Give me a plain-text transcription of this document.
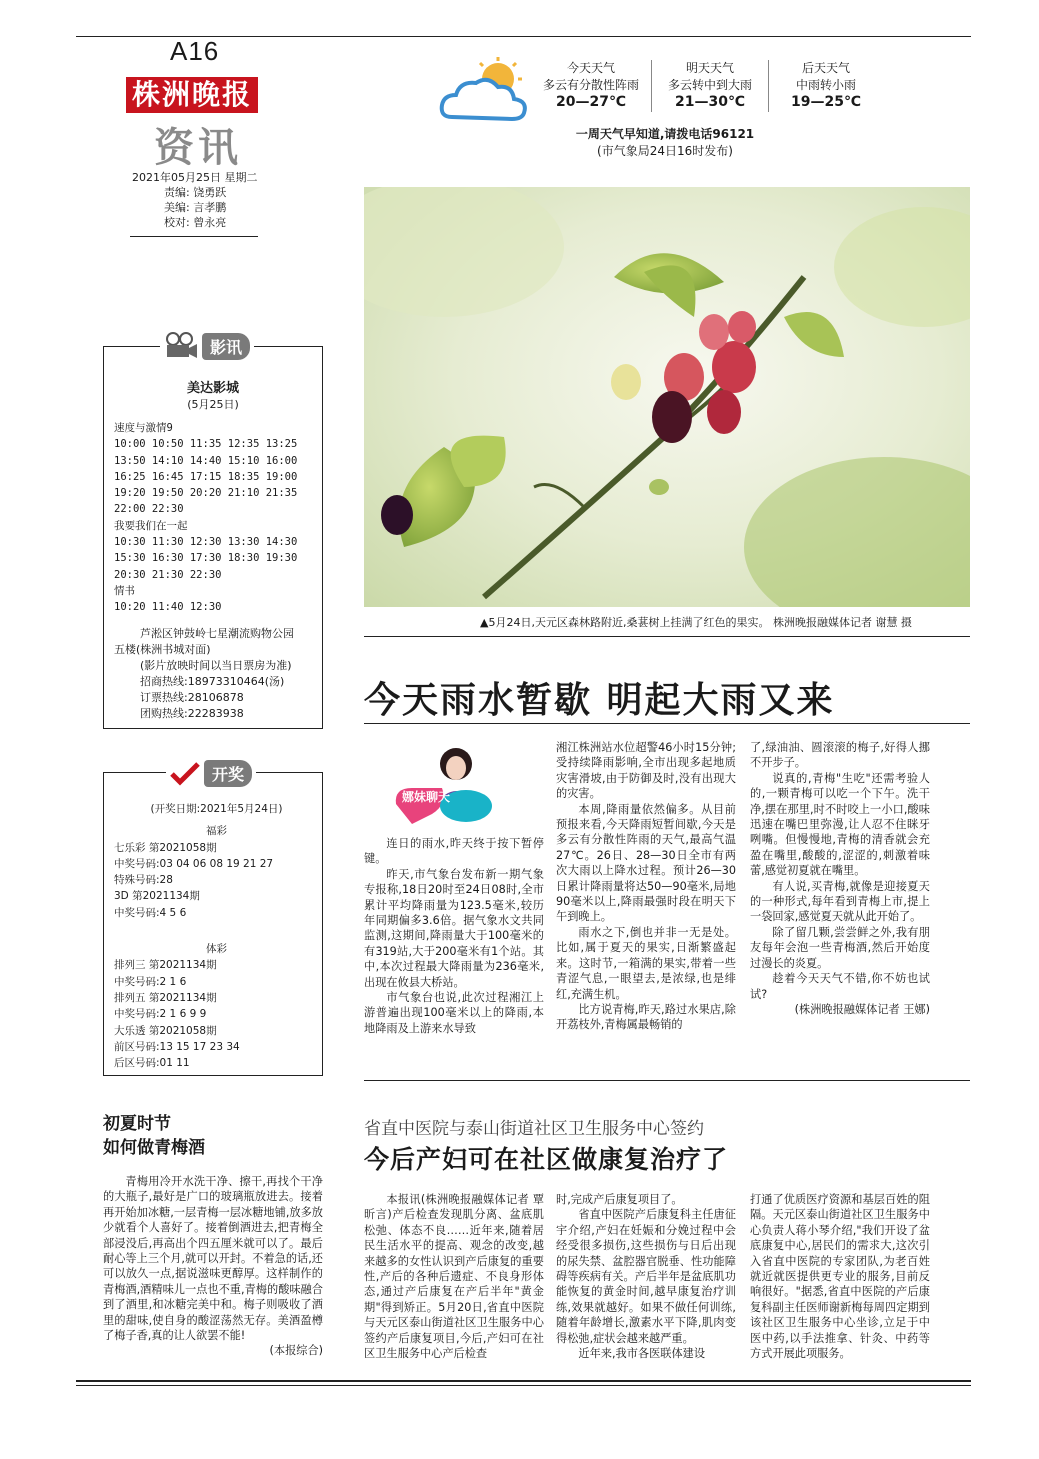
A16
株洲晚报
资讯
2021年05月25日 星期二
责编: 饶勇跃
美编: 言孝鹏
校对: 曾永亮
今天天气
多云有分散性阵雨
20—27℃
明天天气
多云转中到大雨
21—30℃
后天天气
中雨转小雨
19—25℃
一周天气早知道,请拨电话96121
(市气象局24日16时发布)
▲5月24日,天元区森林路附近,桑葚树上挂满了红色的果实。 株洲晚报融媒体记者 谢慧 摄
美达影城
(5月25日)
速度与激情9
10:00 10:50 11:35 12:35 13:25
13:50 14:10 14:40 15:10 16:00
16:25 16:45 17:15 18:35 19:00
19:20 19:50 20:20 21:10 21:35
22:00 22:30
我要我们在一起
10:30 11:30 12:30 13:30 14:30
15:30 16:30 17:30 18:30 19:30
20:30 21:30 22:30
情书
10:20 11:40 12:30
芦淞区钟鼓岭七星潮流购物公园
五楼(株洲书城对面)
(影片放映时间以当日票房为准)
招商热线:18973310464(汤)
订票热线:28106878
团购热线:22283938
影讯
(开奖日期:2021年5月24日)
福彩
七乐彩 第2021058期
中奖号码:03 04 06 08 19 21 27
特殊号码:28
3D 第2021134期
中奖号码:4 5 6
体彩
排列三 第2021134期
中奖号码:2 1 6
排列五 第2021134期
中奖号码:2 1 6 9 9
大乐透 第2021058期
前区号码:13 15 17 23 34
后区号码:01 11
开奖
今天雨水暂歇 明起大雨又来
娜妹聊天

连日的雨水,昨天终于按下暂停键。

昨天,市气象台发布新一期气象专报称,18日20时至24日08时,全市累计平均降雨量为123.5毫米,较历年同期偏多3.6倍。据气象水文共同监测,这期间,降雨量大于100毫米的有319站,大于200毫米有1个站。其中,本次过程最大降雨量为236毫米,出现在攸县大桥站。

市气象台也说,此次过程湘江上游普遍出现100毫米以上的降雨,本地降雨及上游来水导致

湘江株洲站水位超警46小时15分钟;受持续降雨影响,全市出现多起地质灾害滑坡,由于防御及时,没有出现大的灾害。

本周,降雨量依然偏多。从目前预报来看,今天降雨短暂间歇,今天是多云有分散性阵雨的天气,最高气温27℃。26日、28—30日全市有两次大雨以上降水过程。预计26—30日累计降雨量将达50—90毫米,局地90毫米以上,降雨最强时段在明天下午到晚上。

雨水之下,倒也并非一无是处。比如,属于夏天的果实,日渐繁盛起来。这时节,一箱满的果实,带着一些青涩气息,一眼望去,是浓绿,也是绯红,充满生机。

比方说青梅,昨天,路过水果店,除开荔枝外,青梅属最畅销的

了,绿油油、圆滚滚的梅子,好得人挪不开步子。

说真的,青梅"生吃"还需考验人的,一颗青梅可以吃一个下午。洗干净,摆在那里,时不时咬上一小口,酸味迅速在嘴巴里弥漫,让人忍不住眯牙咧嘴。但慢慢地,青梅的清香就会充盈在嘴里,酸酸的,涩涩的,刺激着味蕾,感觉初夏就在嘴里。

有人说,买青梅,就像是迎接夏天的一种形式,每年看到青梅上市,提上一袋回家,感觉夏天就从此开始了。

除了留几颗,尝尝鲜之外,我有朋友每年会泡一些青梅酒,然后开始度过漫长的炎夏。

趁着今天天气不错,你不妨也试试?

(株洲晚报融媒体记者 王娜)

初夏时节
如何做青梅酒

青梅用冷开水洗干净、擦干,再找个干净的大瓶子,最好是广口的玻璃瓶放进去。接着再开始加冰糖,一层青梅一层冰糖地铺,放多放少就看个人喜好了。接着倒酒进去,把青梅全部浸没后,再高出个四五厘米就可以了。最后耐心等上三个月,就可以开封。不着急的话,还可以放久一点,据说滋味更醇厚。这样制作的青梅酒,酒精味儿一点也不重,青梅的酸味融合到了酒里,和冰糖完美中和。梅子则吸收了酒里的甜味,使自身的酸涩荡然无存。美酒盈樽了梅子香,真的让人欲罢不能!

(本报综合)

省直中医院与泰山街道社区卫生服务中心签约
今后产妇可在社区做康复治疗了

本报讯(株洲晚报融媒体记者 覃昕言)产后检查发现肌分离、盆底肌松弛、体态不良……近年来,随着居民生活水平的提高、观念的改变,越来越多的女性认识到产后康复的重要性,产后的各种后遗症、不良身形体态,通过产后康复在产后半年"黄金期"得到矫正。5月20日,省直中医院与天元区泰山街道社区卫生服务中心签约产后康复项目,今后,产妇可在社区卫生服务中心产后检查

时,完成产后康复项目了。

省直中医院产后康复科主任唐征宇介绍,产妇在妊娠和分娩过程中会经受很多损伤,这些损伤与日后出现的尿失禁、盆腔器官脱垂、性功能障碍等疾病有关。产后半年是盆底肌功能恢复的黄金时间,越早康复治疗训练,效果就越好。如果不做任何训练,随着年龄增长,激素水平下降,肌肉变得松弛,症状会越来越严重。

近年来,我市各医联体建设

打通了优质医疗资源和基层百姓的阻隔。天元区泰山街道社区卫生服务中心负责人蒋小琴介绍,"我们开设了盆底康复中心,居民们的需求大,这次引入省直中医院的专家团队,为老百姓就近就医提供更专业的服务,目前反响很好。"据悉,省直中医院的产后康复科副主任医师谢新梅每周四定期到该社区卫生服务中心坐诊,立足于中医中药,以手法推拿、针灸、中药等方式开展此项服务。
